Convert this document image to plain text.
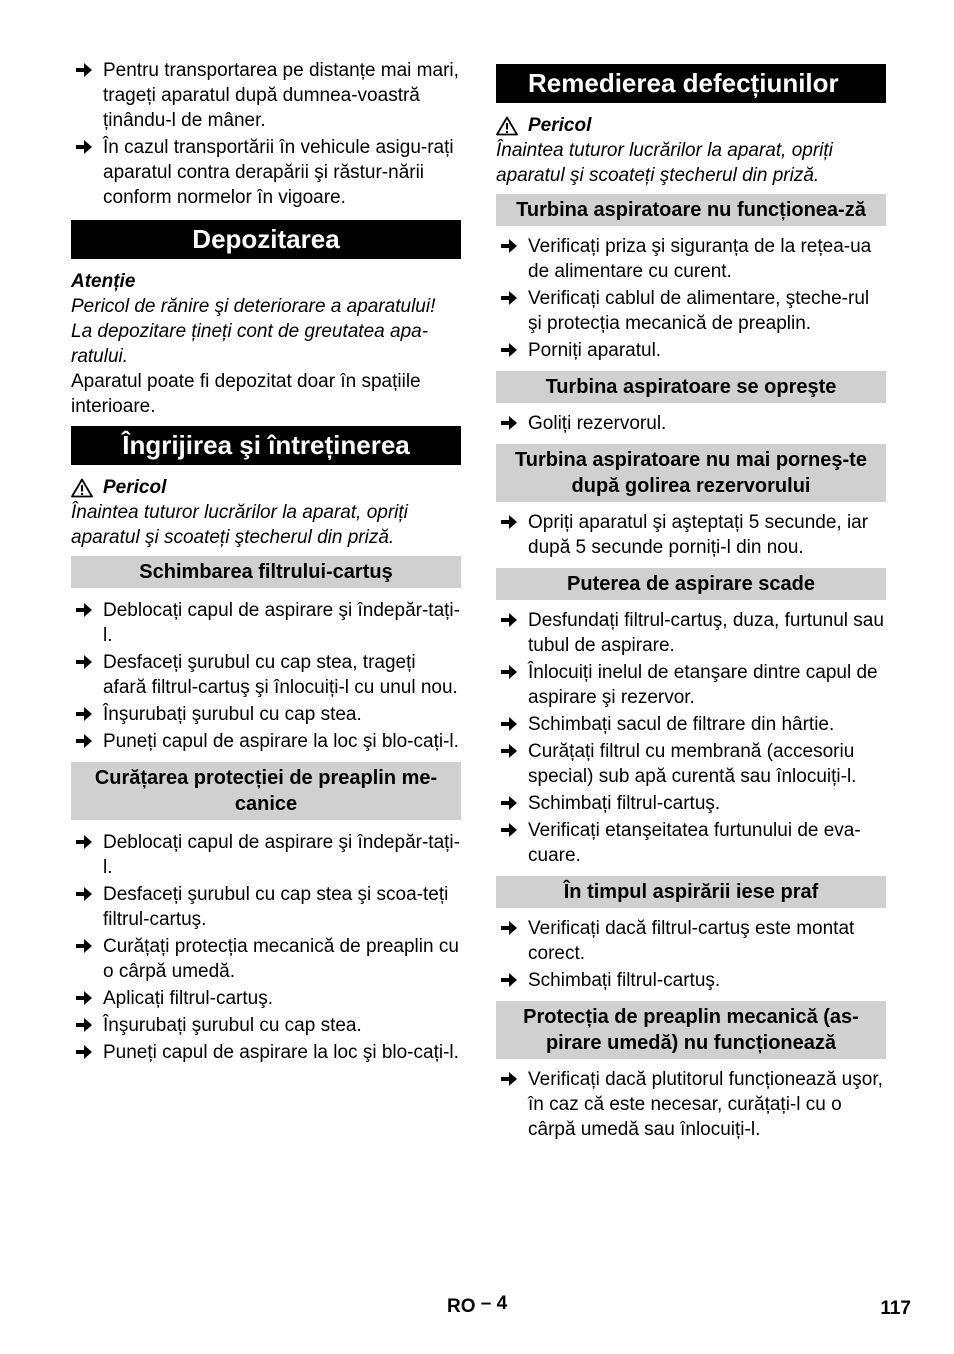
Pentru transportarea pe distanțe mai mari, trageți aparatul după dumnea-voastră ținându-l de mâner.
În cazul transportării în vehicule asigu-rați aparatul contra derapării şi răstur-nării conform normelor în vigoare.
Depozitarea
Atenție
Pericol de rănire şi deteriorare a aparatului! La depozitare țineți cont de greutatea apa-ratului.
Aparatul poate fi depozitat doar în spațiile interioare.
Îngrijirea şi întreținerea
Pericol
Înaintea tuturor lucrărilor la aparat, opriți aparatul şi scoateți ştecherul din priză.
Schimbarea filtrului-cartuş
Deblocați capul de aspirare şi îndepăr-tați-l.
Desfaceți şurubul cu cap stea, trageți afară filtrul-cartuş şi înlocuiți-l cu unul nou.
Înşurubați şurubul cu cap stea.
Puneți capul de aspirare la loc şi blo-cați-l.
Curățarea protecției de preaplin me-canice
Deblocați capul de aspirare şi îndepăr-tați-l.
Desfaceți şurubul cu cap stea şi scoa-teți filtrul-cartuş.
Curățați protecția mecanică de preaplin cu o cârpă umedă.
Aplicați filtrul-cartuş.
Înşurubați şurubul cu cap stea.
Puneți capul de aspirare la loc şi blo-cați-l.
Remedierea defecțiunilor
Pericol
Înaintea tuturor lucrărilor la aparat, opriți aparatul şi scoateți ştecherul din priză.
Turbina aspiratoare nu funcționea-ză
Verificați priza şi siguranța de la rețea-ua de alimentare cu curent.
Verificați cablul de alimentare, şteche-rul şi protecția mecanică de preaplin.
Porniți aparatul.
Turbina aspiratoare se opreşte
Goliți rezervorul.
Turbina aspiratoare nu mai porneş-te după golirea rezervorului
Opriți aparatul şi aşteptați 5 secunde, iar după 5 secunde porniți-l din nou.
Puterea de aspirare scade
Desfundați filtrul-cartuş, duza, furtunul sau tubul de aspirare.
Înlocuiți inelul de etanşare dintre capul de aspirare şi rezervor.
Schimbați sacul de filtrare din hârtie.
Curățați filtrul cu membrană (accesoriu special) sub apă curentă sau înlocuiți-l.
Schimbați filtrul-cartuş.
Verificați etanşeitatea furtunului de eva-cuare.
În timpul aspirării iese praf
Verificați dacă filtrul-cartuş este montat corect.
Schimbați filtrul-cartuş.
Protecția de preaplin mecanică (as-pirare umedă) nu funcționează
Verificați dacă plutitorul funcționează uşor, în caz că este necesar, curățați-l cu o cârpă umedă sau înlocuiți-l.
RO – 4	117
